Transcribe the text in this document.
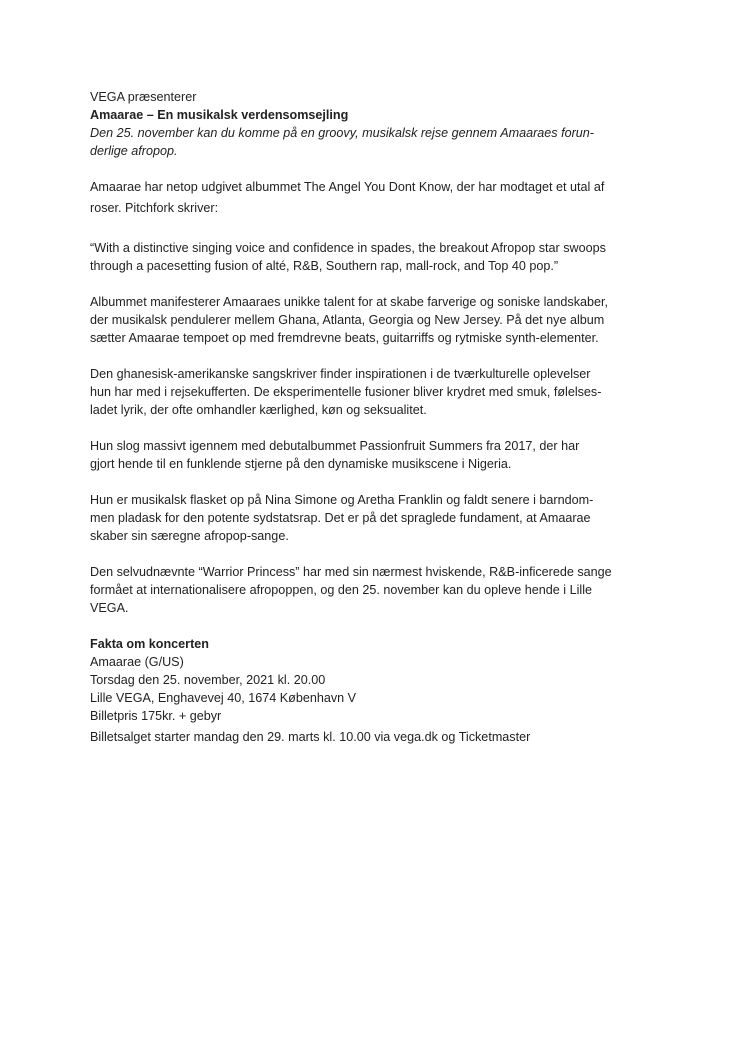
VEGA præsenterer

Amaarae – En musikalsk verdensomsejling

Den 25. november kan du komme på en groovy, musikalsk rejse gennem Amaaraes forun-
derlige afropop.

Amaarae har netop udgivet albummet The Angel You Dont Know, der har modtaget et utal af
roser. Pitchfork skriver:

“With a distinctive singing voice and confidence in spades, the breakout Afropop star swoops
through a pacesetting fusion of alté, R&B, Southern rap, mall-rock, and Top 40 pop.”

Albummet manifesterer Amaaraes unikke talent for at skabe farverige og soniske landskaber,
der musikalsk pendulerer mellem Ghana, Atlanta, Georgia og New Jersey. På det nye album
sætter Amaarae tempoet op med fremdrevne beats, guitarriffs og rytmiske synth-elementer.

Den ghanesisk-amerikanske sangskriver finder inspirationen i de tværkulturelle oplevelser
hun har med i rejsekufferten. De eksperimentelle fusioner bliver krydret med smuk, følelses-
ladet lyrik, der ofte omhandler kærlighed, køn og seksualitet.

Hun slog massivt igennem med debutalbummet Passionfruit Summers fra 2017, der har
gjort hende til en funklende stjerne på den dynamiske musikscene i Nigeria.

Hun er musikalsk flasket op på Nina Simone og Aretha Franklin og faldt senere i barndom-
men pladask for den potente sydstatsrap. Det er på det spraglede fundament, at Amaarae
skaber sin særegne afropop-sange.

Den selvudnævnte “Warrior Princess” har med sin nærmest hviskende, R&B-inficerede sange
formået at internationalisere afropoppen, og den 25. november kan du opleve hende i Lille
VEGA.

Fakta om koncerten

Amaarae (G/US)

Torsdag den 25. november, 2021 kl. 20.00

Lille VEGA, Enghavevej 40, 1674 København V

Billetpris 175kr. + gebyr

Billetsalget starter mandag den 29. marts kl. 10.00 via vega.dk og Ticketmaster
